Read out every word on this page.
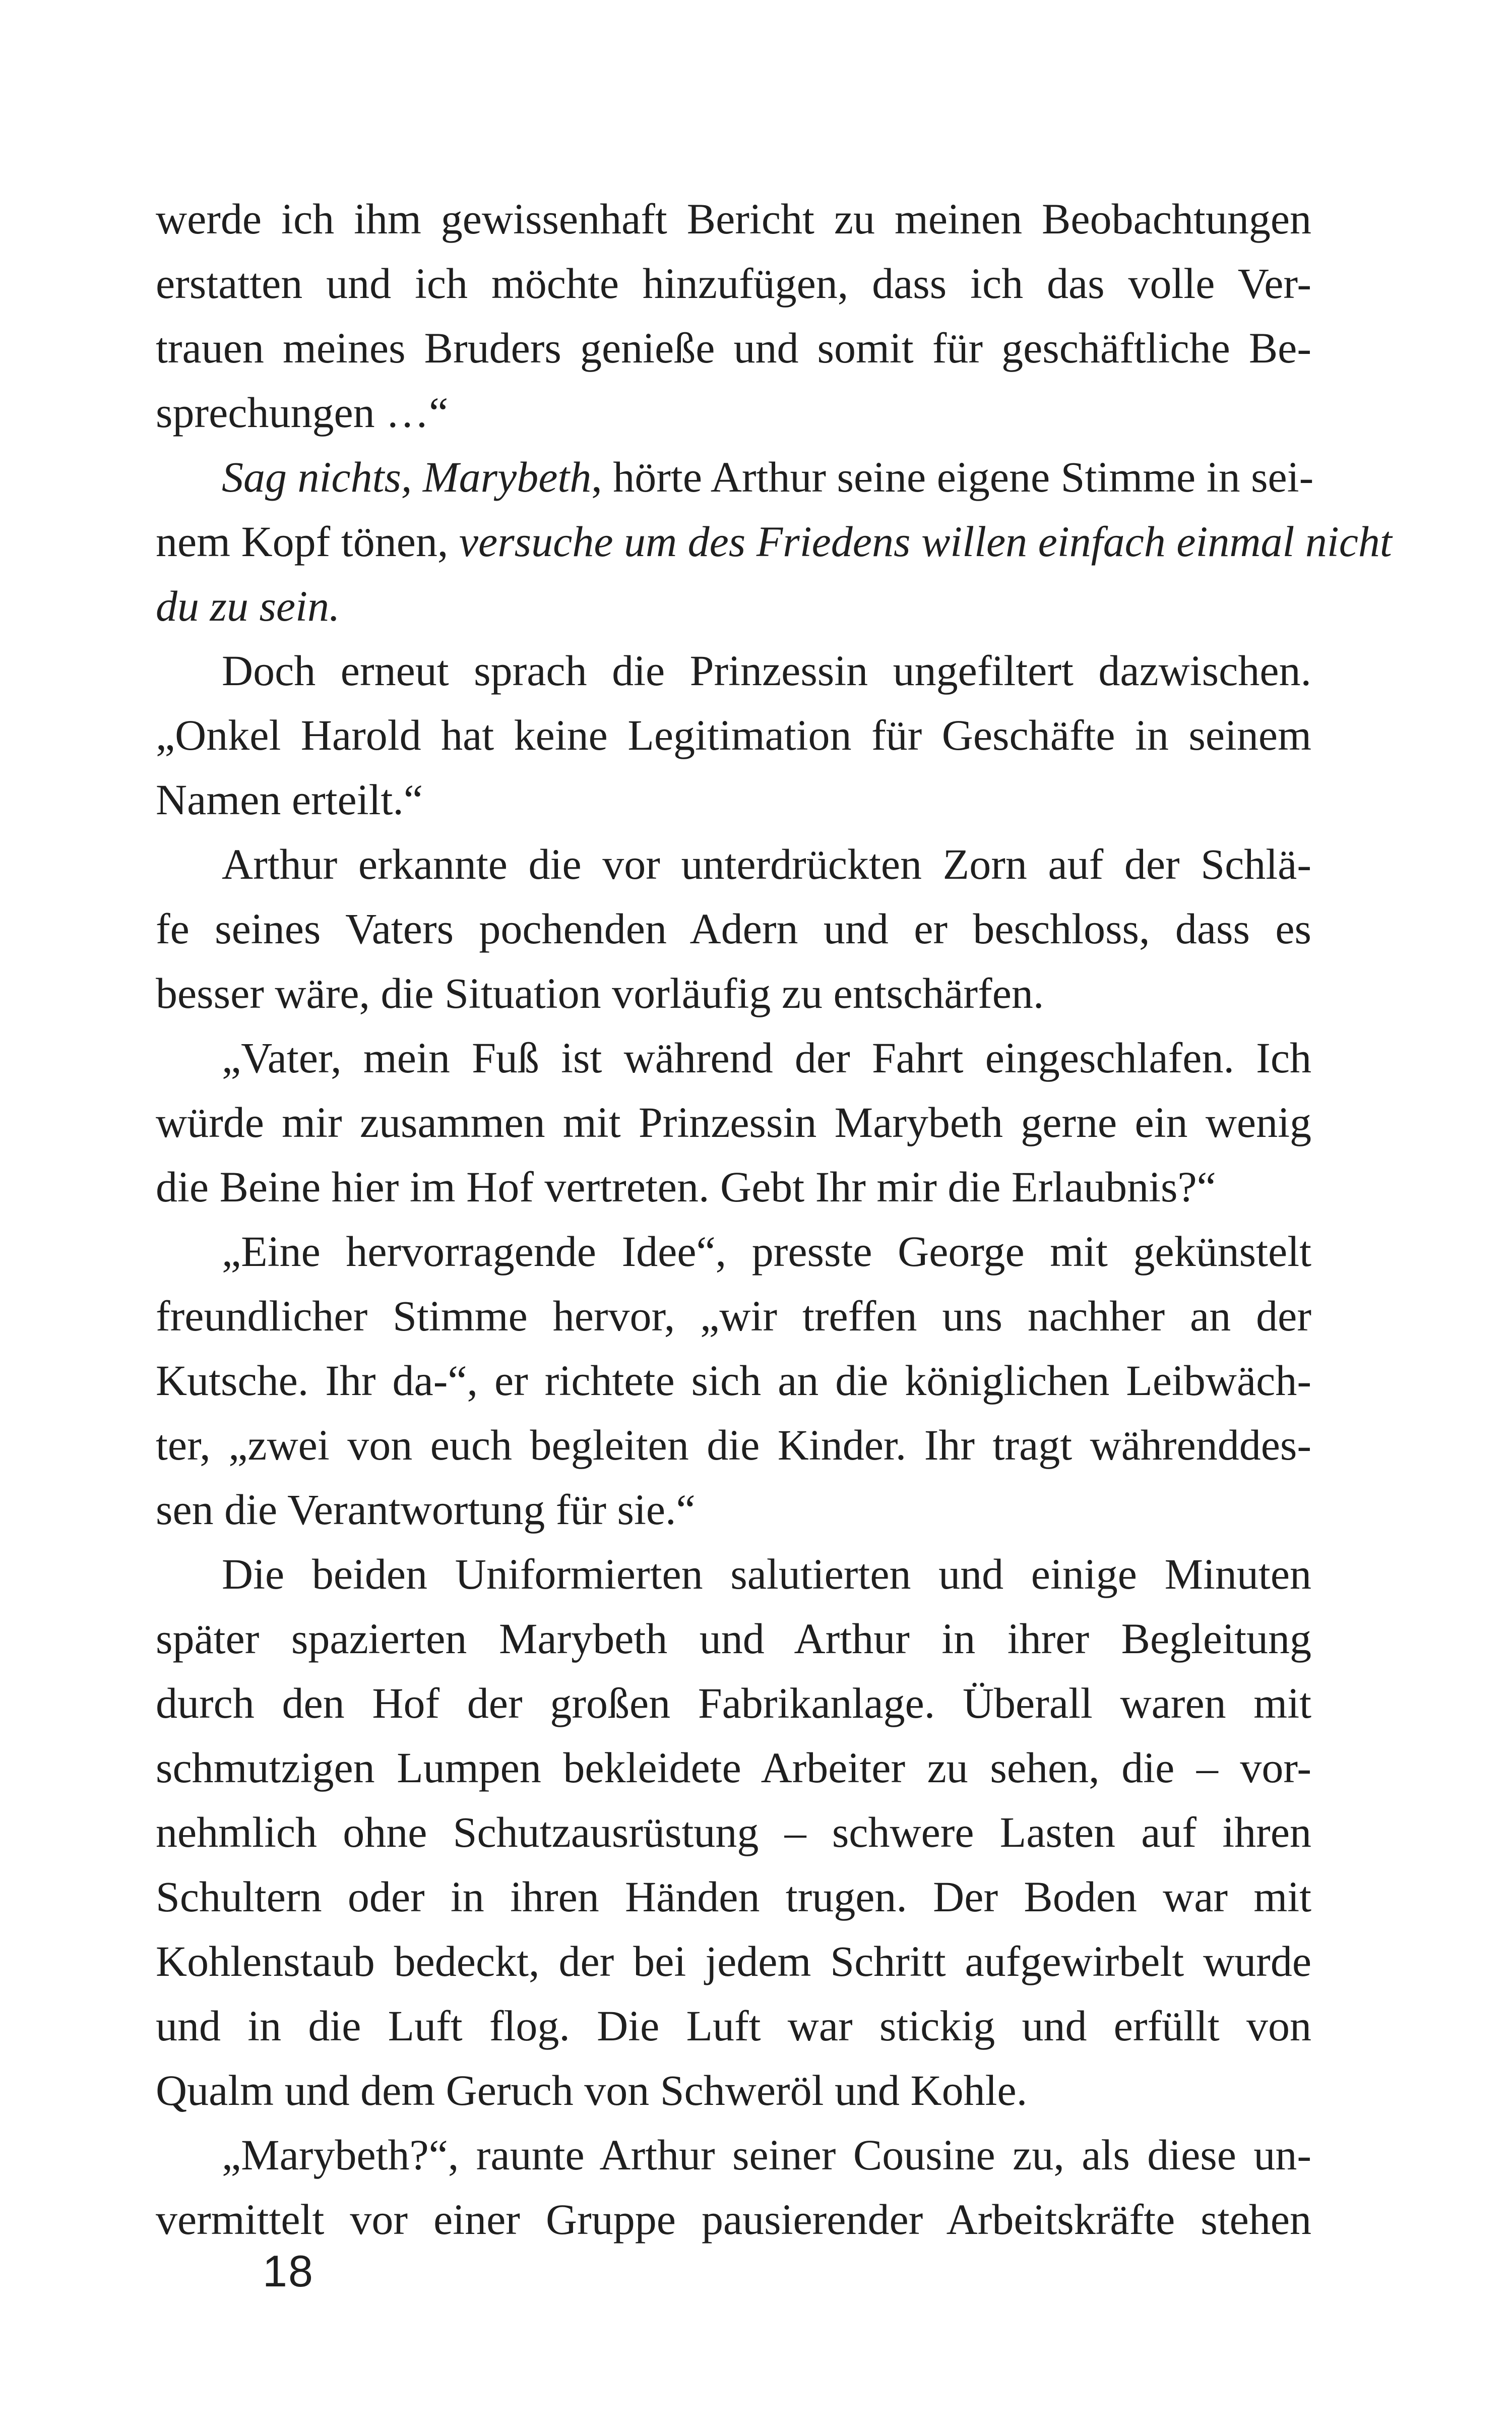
werde ich ihm gewissenhaft Bericht zu meinen Beobachtungen
erstatten und ich möchte hinzufügen, dass ich das volle Ver-
trauen meines Bruders genieße und somit für geschäftliche Be-
sprechungen …“
Sag nichts, Marybeth, hörte Arthur seine eigene Stimme in sei-
nem Kopf tönen, versuche um des Friedens willen einfach einmal nicht
du zu sein.
Doch erneut sprach die Prinzessin ungefiltert dazwischen.
„Onkel Harold hat keine Legitimation für Geschäfte in seinem
Namen erteilt.“
Arthur erkannte die vor unterdrückten Zorn auf der Schlä-
fe seines Vaters pochenden Adern und er beschloss, dass es
besser wäre, die Situation vorläufig zu entschärfen.
„Vater, mein Fuß ist während der Fahrt eingeschlafen. Ich
würde mir zusammen mit Prinzessin Marybeth gerne ein wenig
die Beine hier im Hof vertreten. Gebt Ihr mir die Erlaubnis?“
„Eine hervorragende Idee“, presste George mit gekünstelt
freundlicher Stimme hervor, „wir treffen uns nachher an der
Kutsche. Ihr da-“, er richtete sich an die königlichen Leibwäch-
ter, „zwei von euch begleiten die Kinder. Ihr tragt währenddes-
sen die Verantwortung für sie.“
Die beiden Uniformierten salutierten und einige Minuten
später spazierten Marybeth und Arthur in ihrer Begleitung
durch den Hof der großen Fabrikanlage. Überall waren mit
schmutzigen Lumpen bekleidete Arbeiter zu sehen, die – vor-
nehmlich ohne Schutzausrüstung – schwere Lasten auf ihren
Schultern oder in ihren Händen trugen. Der Boden war mit
Kohlenstaub bedeckt, der bei jedem Schritt aufgewirbelt wurde
und in die Luft flog. Die Luft war stickig und erfüllt von
Qualm und dem Geruch von Schweröl und Kohle.
„Marybeth?“, raunte Arthur seiner Cousine zu, als diese un-
vermittelt vor einer Gruppe pausierender Arbeitskräfte stehen
18
